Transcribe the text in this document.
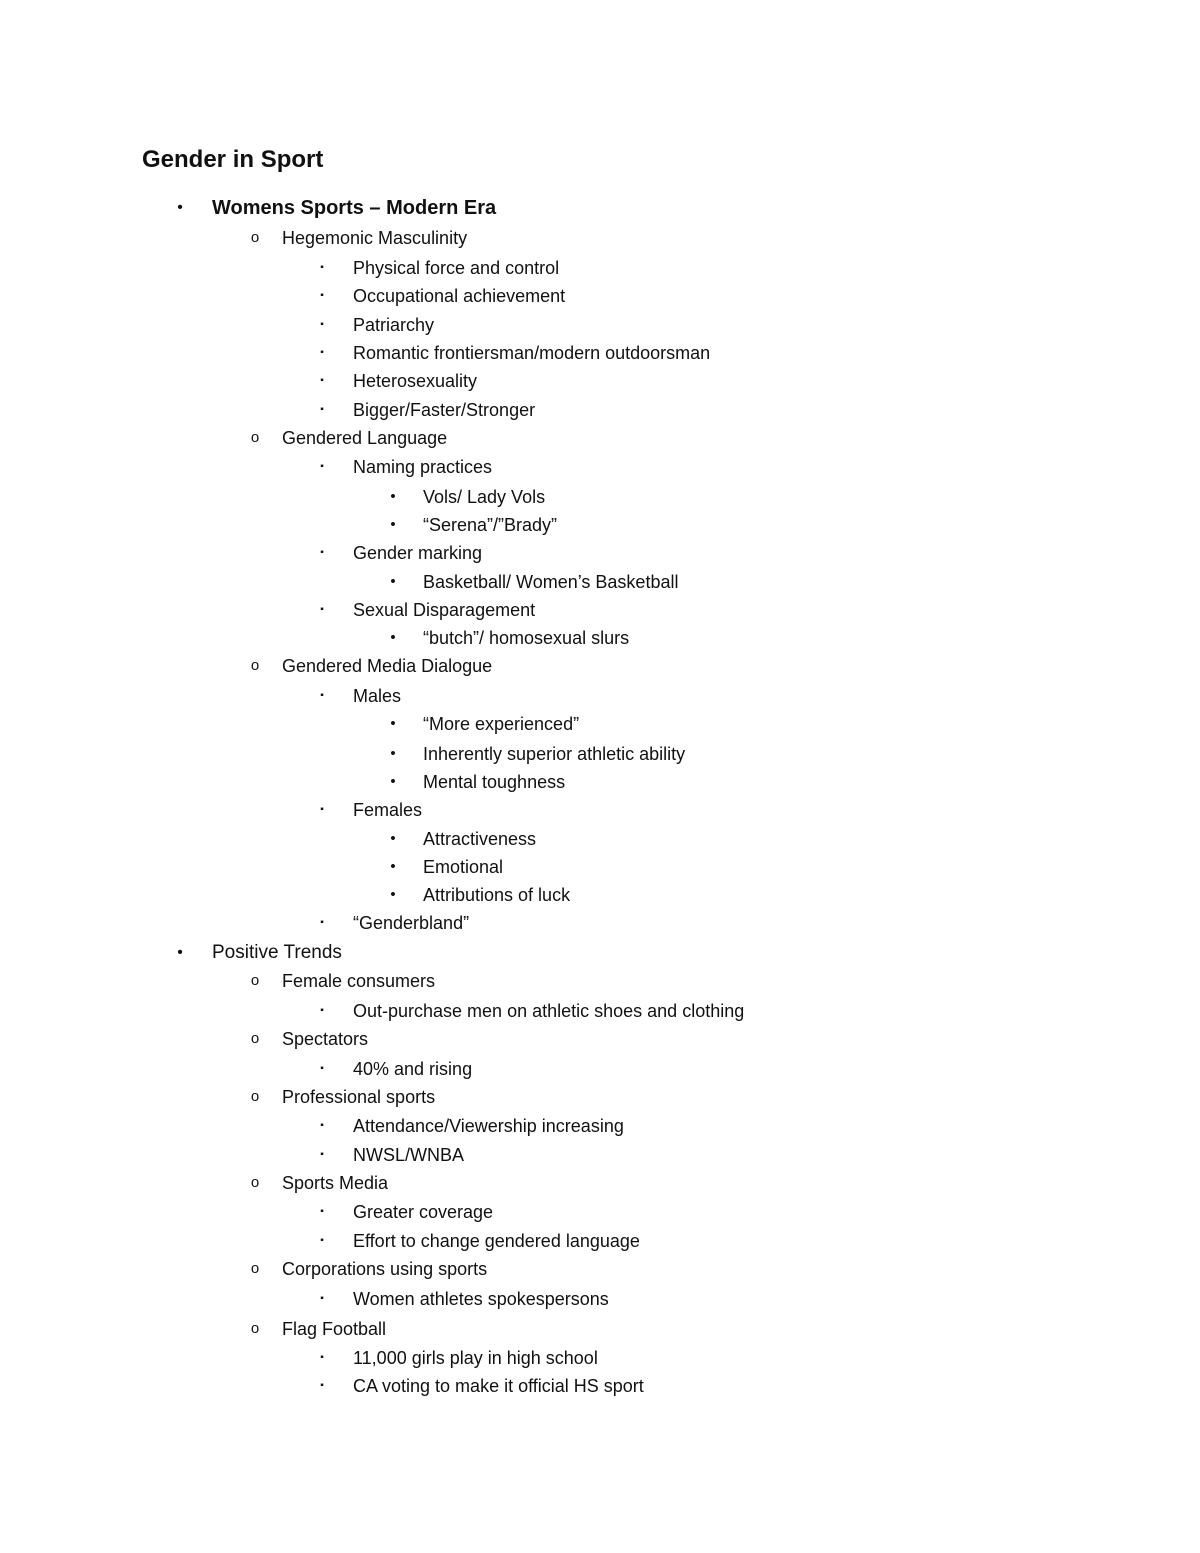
Gender in Sport
•	Womens Sports – Modern Era
o	Hegemonic Masculinity
▪	Physical force and control
▪	Occupational achievement
▪	Patriarchy
▪	Romantic frontiersman/modern outdoorsman
▪	Heterosexuality
▪	Bigger/Faster/Stronger
o	Gendered Language
▪	Naming practices
•	Vols/ Lady Vols
•	“Serena”/”Brady”
▪	Gender marking
•	Basketball/ Women’s Basketball
▪	Sexual Disparagement
•	“butch”/ homosexual slurs
o	Gendered Media Dialogue
▪	Males
•	“More experienced”
•	Inherently superior athletic ability
•	Mental toughness
▪	Females
•	Attractiveness
•	Emotional
•	Attributions of luck
▪	“Genderbland”
•	Positive Trends
o	Female consumers
▪	Out-purchase men on athletic shoes and clothing
o	Spectators
▪	40% and rising
o	Professional sports
▪	Attendance/Viewership increasing
▪	NWSL/WNBA
o	Sports Media
▪	Greater coverage
▪	Effort to change gendered language
o	Corporations using sports
▪	Women athletes spokespersons
o	Flag Football
▪	11,000 girls play in high school
▪	CA voting to make it official HS sport
